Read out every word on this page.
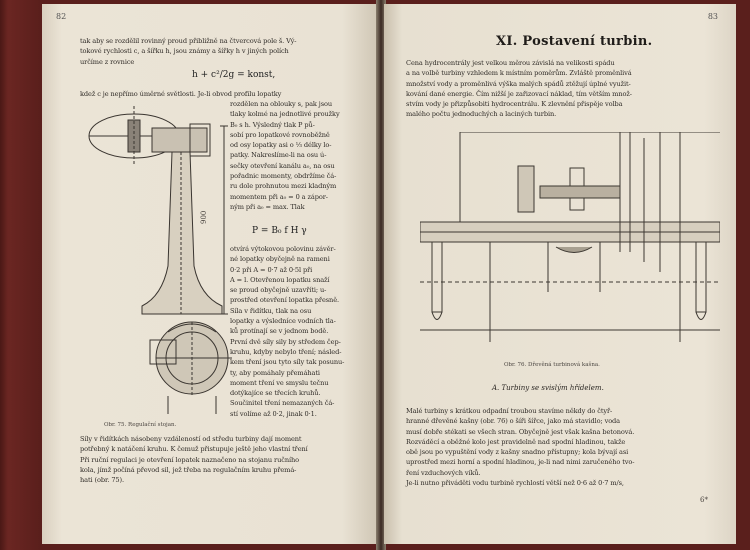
82

tak aby se rozdělil rovinný proud přibližně na čtvercová pole š. Vý-

tokové rychlosti c, a šířku h, jsou známy a šířky h v jiných polích

určíme z rovnice

h + c²/2g = konst,

kdež c je nepřímo úměrné světlosti. Je-li obvod profilu lopatky

rozdělen na oblouky s, pak jsou

tlaky kolmé na jednotlivé proužky

B₀ s h. Výsledný tlak P pů-

sobí pro lopatkové rovnoběžně

od osy lopatky asi o ⅓ délky lo-

patky. Nakreslíme-li na osu ú-

sečky otevření kanálu a₀, na osu

pořadnic momenty, obdržíme čá-

ru dole prohnutou mezi kladným

momentem při a₀ = 0 a zápor-

ným při a₀ = max. Tlak

P = B₀ f H γ

otvírá výtokovou polovinu závěr-

né lopatky obyčejně na rameni

0·2 při A = 0·7 až 0·5l při

A = l. Otevřenou lopatku snaží

se proud obyčejně uzavříti; u-

prostřed otevření lopatka přesně.

Síla v řidítku, tlak na osu

lopatky a výsledníce vodních tla-

ků protínají se v jednom bodě.

První dvě síly sily by středem čep-

kruhu, kdyby nebylo tření; násled-

kem tření jsou tyto síly tak posunu-

ty, aby pomáhaly přemáhati

moment tření ve smyslu tečnu

dotýkajíce se třecích kruhů.

Součinitel tření nemazaných čá-

stí volíme až 0·2, jinak 0·1.

Síly v řidítkách násobeny vzdáleností od středu turbiny dají moment

potřebný k natáčení kruhu. K čemuž přistupuje ještě jeho vlastní tření

Při ruční regulaci je otevření lopatek naznačeno na stojanu ručního

kola, jímž počíná převod sil, jež třeba na regulačním kruhu přemá-

hati (obr. 75).

900
Obr. 75. Regulační stojan.
83
XI. Postavení turbin.

Cena hydrocentrály jest velkou měrou závislá na velikosti spádu

a na volbě turbiny vzhledem k místním poměrům. Zvláště proměnlivá

množství vody a proměnlivá výška malých spádů ztěžují úplné využit-

kování dané energie. Čím nižší je zařizovací náklad, tím větším množ-

stvím vody je přizpůsobiti hydrocentrálu. K zlevnění přispěje volba

malého počtu jednoduchých a laciných turbin.

Obr. 76. Dřevěná turbinová kašna.
A. Turbiny se svislým hřídelem.

Malé turbiny s krátkou odpadní troubou stavíme někdy do čtyř-

hranné dřevěné kašny (obr. 76) o šíři šířce, jako má stavidlo; voda

musí dobře stékati se všech stran. Obyčejně jest však kašna betonová.

Rozváděcí a oběžné kolo jest pravidelně nad spodní hladinou, takže

obě jsou po vypuštění vody z kašny snadno přístupny; kola bývají asi

uprostřed mezi horní a spodní hladinou, je-li nad nimi zaručeného tvo-

ření vzduchových víků.

Je-li nutno přiváděti vodu turbině rychlostí větší než 0·6 až 0·7 m/s,

6*
